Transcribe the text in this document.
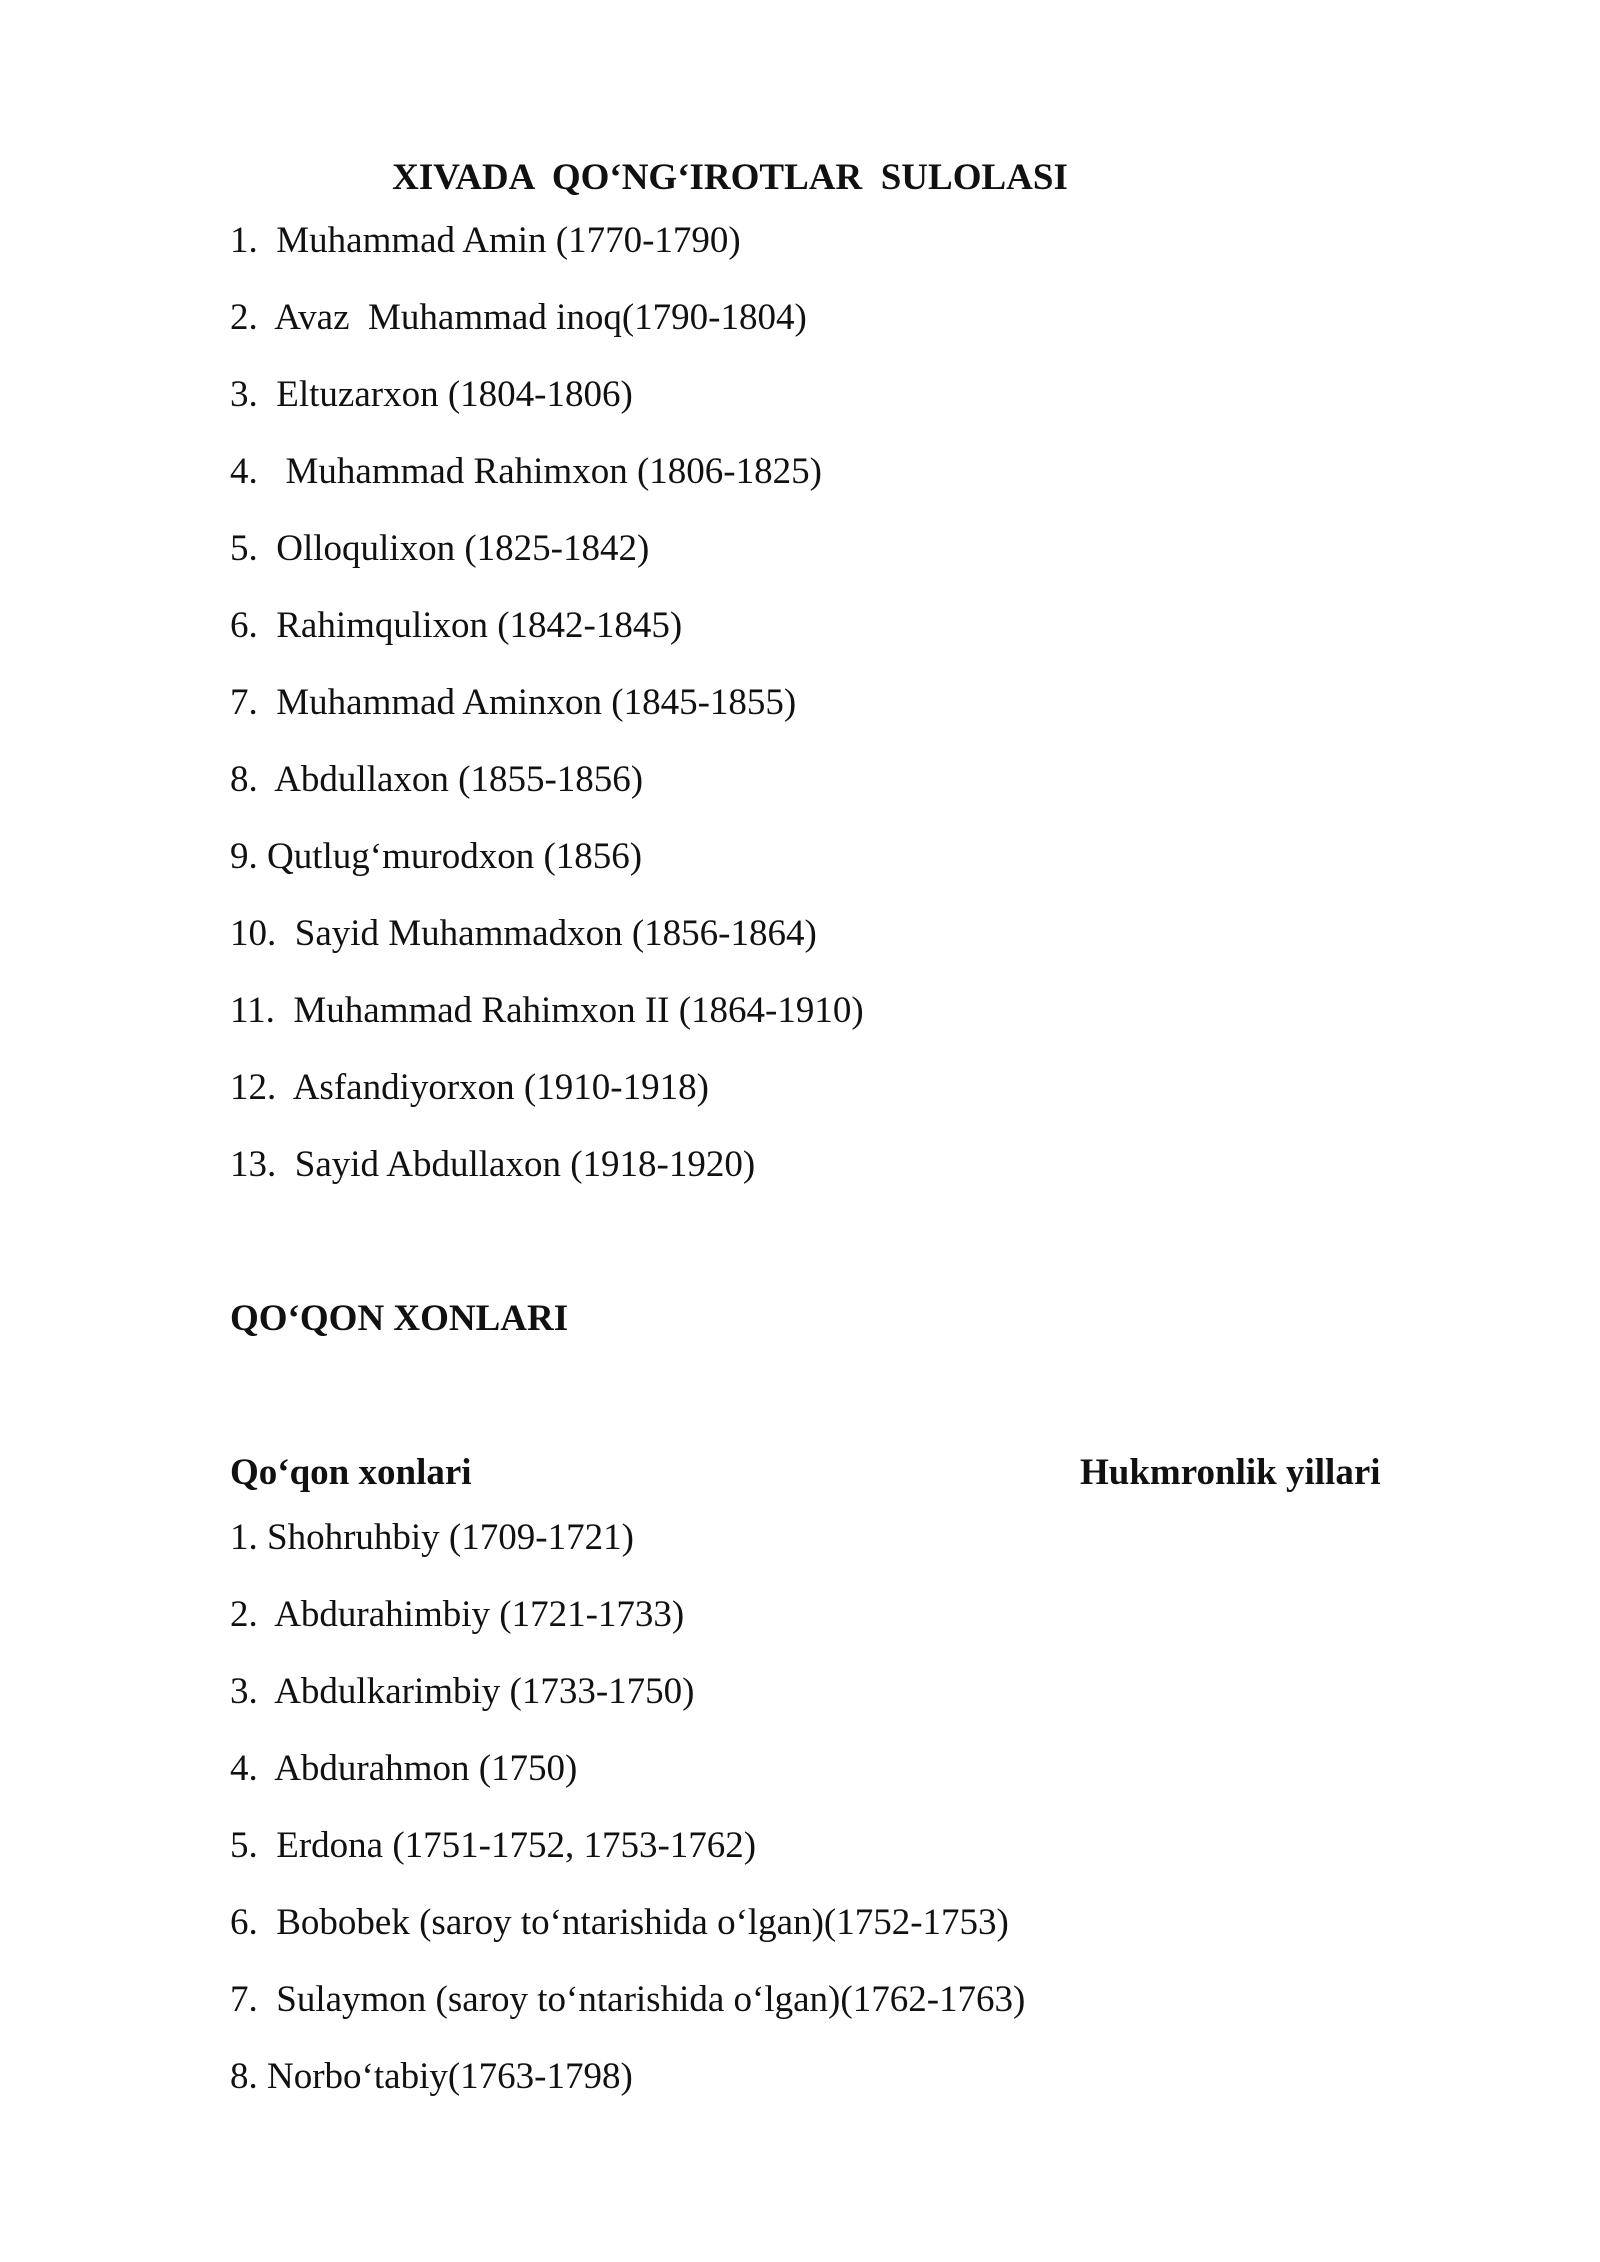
XIVADA  QO‘NG‘IROTLAR  SULOLASI
1.  Muhammad Amin (1770-1790)
2.  Avaz  Muhammad inoq(1790-1804)
3.  Eltuzarxon (1804-1806)
4.   Muhammad Rahimxon (1806-1825)
5.  Olloqulixon (1825-1842)
6.  Rahimqulixon (1842-1845)
7.  Muhammad Aminxon (1845-1855)
8.  Abdullaxon (1855-1856)
9. Qutlug‘murodxon (1856)
10.  Sayid Muhammadxon (1856-1864)
11.  Muhammad Rahimxon II (1864-1910)
12.  Asfandiyorxon (1910-1918)
13.  Sayid Abdullaxon (1918-1920)
QO‘QON XONLARI
Qo‘qon xonlari	Hukmronlik yillari
1. Shohruhbiy (1709-1721)
2.  Abdurahimbiy (1721-1733)
3.  Abdulkarimbiy (1733-1750)
4.  Abdurahmon (1750)
5.  Erdona (1751-1752, 1753-1762)
6.  Bobobek (saroy to‘ntarishida o‘lgan)(1752-1753)
7.  Sulaymon (saroy to‘ntarishida o‘lgan)(1762-1763)
8. Norbo‘tabiy(1763-1798)
